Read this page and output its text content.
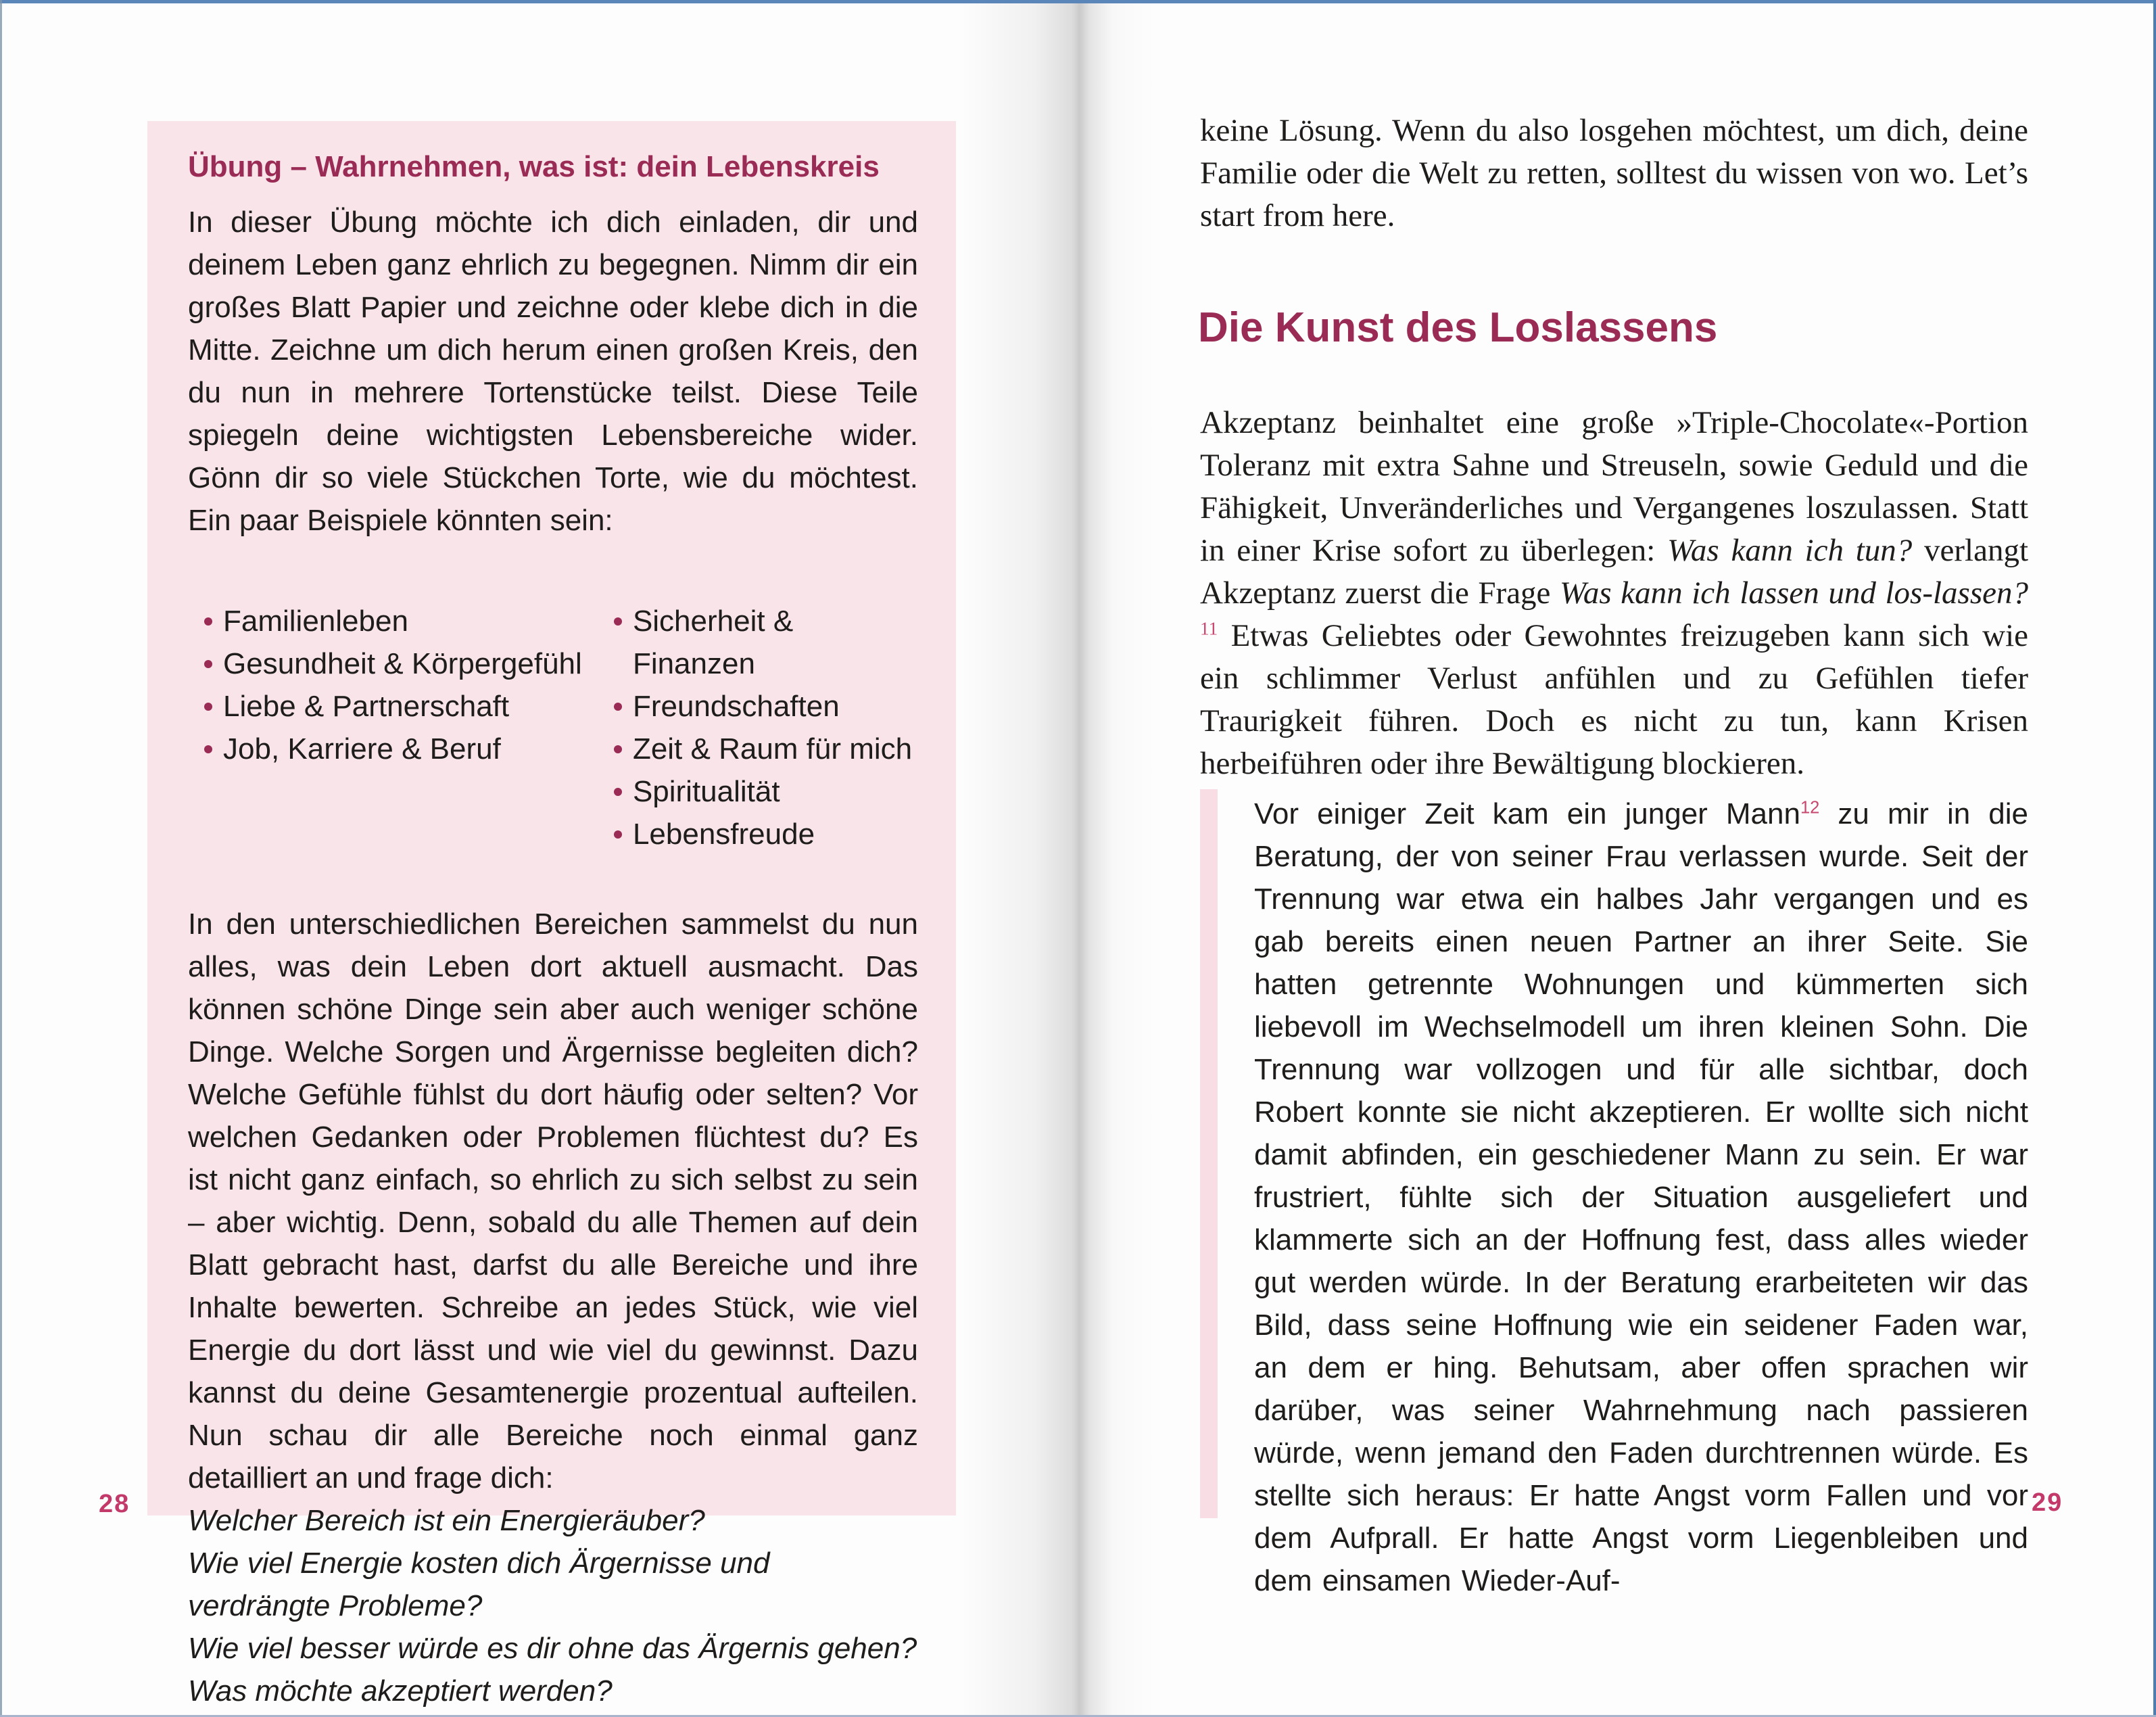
Übung – Wahrnehmen, was ist: dein Lebenskreis

In dieser Übung möchte ich dich einladen, dir und deinem Leben ganz ehrlich zu begegnen. Nimm dir ein großes Blatt Papier und zeichne oder klebe dich in die Mitte. Zeichne um dich herum einen großen Kreis, den du nun in mehrere Tortenstücke teilst. Diese Teile spiegeln deine wichtigsten Lebensbereiche wider. Gönn dir so viele Stückchen Torte, wie du möchtest. Ein paar Beispiele könnten sein:

Familienleben
Gesundheit & Körpergefühl
Liebe & Partnerschaft
Job, Karriere & Beruf
Sicherheit & Finanzen
Freundschaften
Zeit & Raum für mich
Spiritualität
Lebensfreude

In den unterschiedlichen Bereichen sammelst du nun alles, was dein Leben dort aktuell ausmacht. Das können schöne Dinge sein aber auch weniger schöne Dinge. Welche Sorgen und Ärgernisse begleiten dich? Welche Gefühle fühlst du dort häufig oder selten? Vor welchen Gedanken oder Problemen flüchtest du? Es ist nicht ganz einfach, so ehrlich zu sich selbst zu sein – aber wichtig. Denn, sobald du alle Themen auf dein Blatt gebracht hast, darfst du alle Bereiche und ihre Inhalte bewerten. Schreibe an jedes Stück, wie viel Energie du dort lässt und wie viel du gewinnst. Dazu kannst du deine Gesamtenergie prozentual aufteilen. Nun schau dir alle Bereiche noch einmal ganz detailliert an und frage dich:

Welcher Bereich ist ein Energieräuber?
Wie viel Energie kosten dich Ärgernisse und verdrängte Probleme?
Wie viel besser würde es dir ohne das Ärgernis gehen?
Was möchte akzeptiert werden?
28

keine Lösung. Wenn du also losgehen möchtest, um dich, deine Familie oder die Welt zu retten, solltest du wissen von wo. Let’s start from here.

Die Kunst des Loslassens

Akzeptanz beinhaltet eine große »Triple-Chocolate«-Portion Toleranz mit extra Sahne und Streuseln, sowie Geduld und die Fähigkeit, Unveränderliches und Vergangenes loszulassen. Statt in einer Krise sofort zu überlegen: Was kann ich tun? verlangt Akzeptanz zuerst die Frage Was kann ich lassen und los-lassen?$^{11}$ Etwas Geliebtes oder Gewohntes freizugeben kann sich wie ein schlimmer Verlust anfühlen und zu Gefühlen tiefer Traurigkeit führen. Doch es nicht zu tun, kann Krisen herbeiführen oder ihre Bewältigung blockieren.

Vor einiger Zeit kam ein junger Mann$^{12}$ zu mir in die Beratung, der von seiner Frau verlassen wurde. Seit der Trennung war etwa ein halbes Jahr vergangen und es gab bereits einen neuen Partner an ihrer Seite. Sie hatten getrennte Wohnungen und kümmerten sich liebevoll im Wechselmodell um ihren kleinen Sohn. Die Trennung war vollzogen und für alle sichtbar, doch Robert konnte sie nicht akzeptieren. Er wollte sich nicht damit abfinden, ein geschiedener Mann zu sein. Er war frustriert, fühlte sich der Situation ausgeliefert und klammerte sich an der Hoffnung fest, dass alles wieder gut werden würde. In der Beratung erarbeiteten wir das Bild, dass seine Hoffnung wie ein seidener Faden war, an dem er hing. Behutsam, aber offen sprachen wir darüber, was seiner Wahrnehmung nach passieren würde, wenn jemand den Faden durchtrennen würde. Es stellte sich heraus: Er hatte Angst vorm Fallen und vor dem Aufprall. Er hatte Angst vorm Liegenbleiben und dem einsamen Wieder-Auf-

29
